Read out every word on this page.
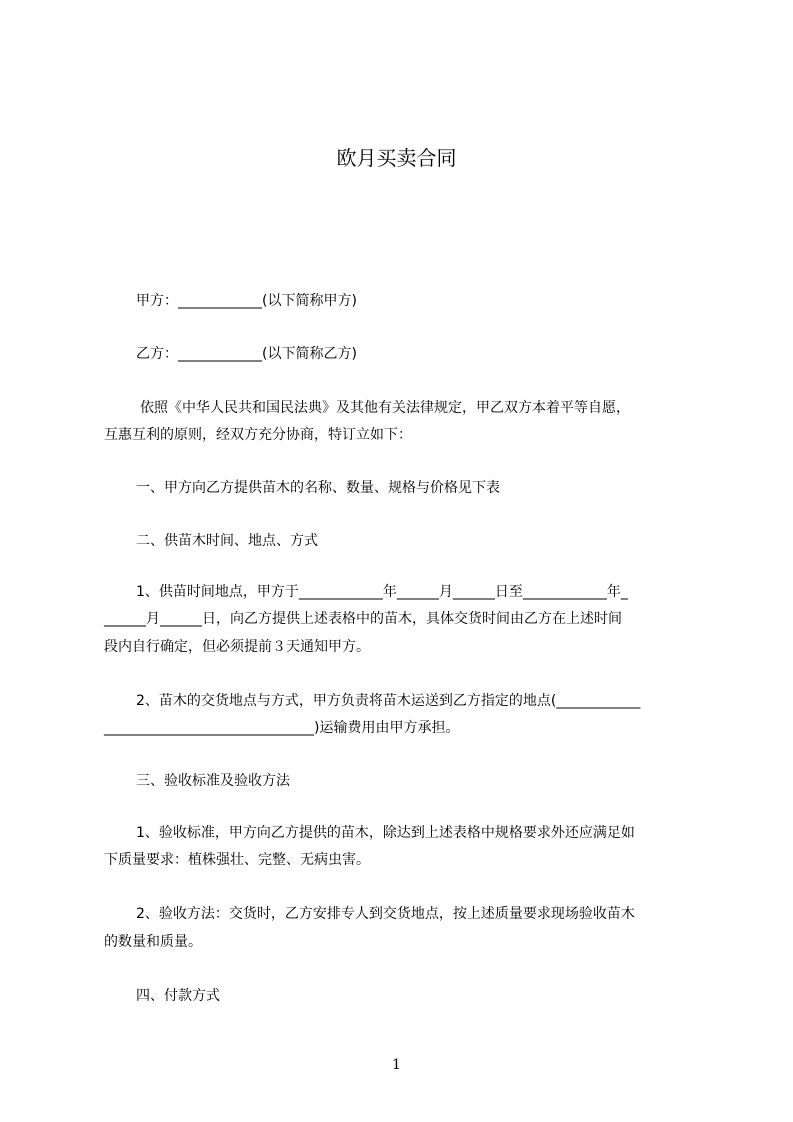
欧月买卖合同

甲方：____________(以下简称甲方)

乙方：____________(以下简称乙方)

依照《中华人民共和国民法典》及其他有关法律规定，甲乙双方本着平等自愿，

互惠互利的原则，经双方充分协商，特订立如下：

一、甲方向乙方提供苗木的名称、数量、规格与价格见下表

二、供苗木时间、地点、方式

1、供苗时间地点，甲方于____________年______月______日至____________年_

______月______日，向乙方提供上述表格中的苗木，具体交货时间由乙方在上述时间

段内自行确定，但必须提前３天通知甲方。

2、苗木的交货地点与方式，甲方负责将苗木运送到乙方指定的地点(____________

______________________________)运输费用由甲方承担。

三、验收标准及验收方法

1、验收标准，甲方向乙方提供的苗木，除达到上述表格中规格要求外还应满足如

下质量要求：植株强壮、完整、无病虫害。

2、验收方法：交货时，乙方安排专人到交货地点，按上述质量要求现场验收苗木

的数量和质量。

四、付款方式

1
